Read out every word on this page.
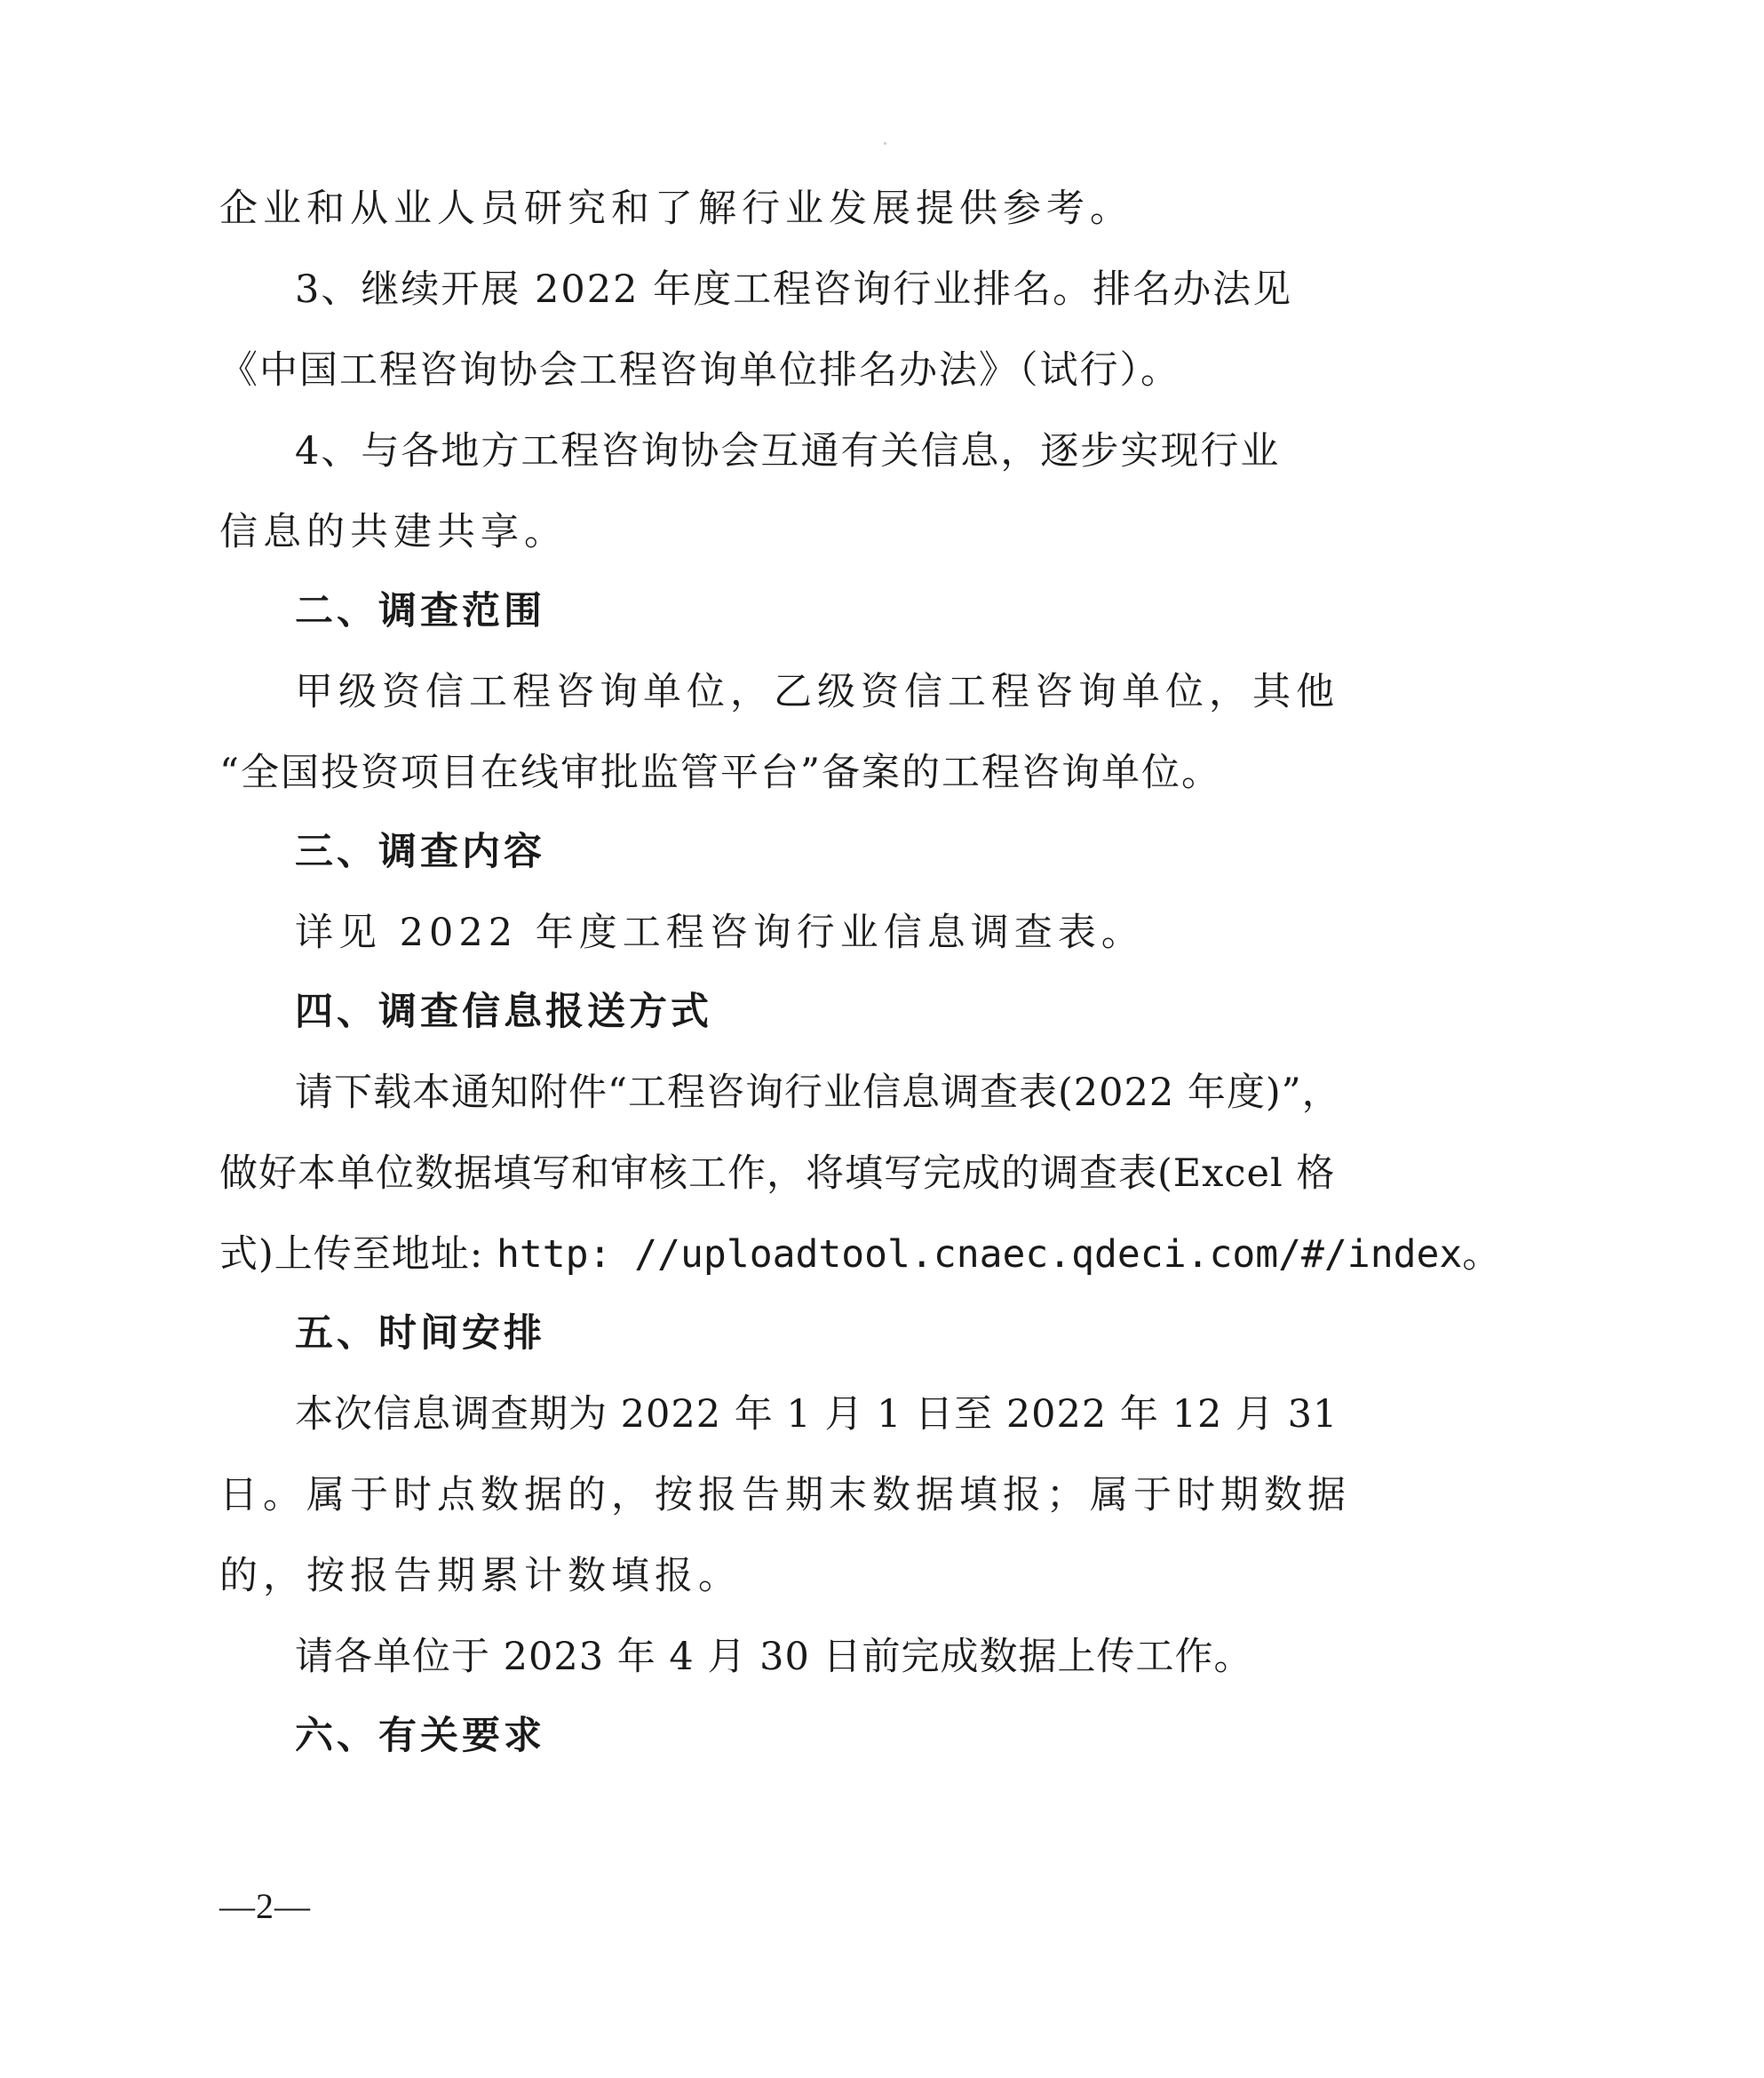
企业和从业人员研究和了解行业发展提供参考。
3、继续开展 2022 年度工程咨询行业排名。排名办法见
《中国工程咨询协会工程咨询单位排名办法》（试行）。
4、与各地方工程咨询协会互通有关信息，逐步实现行业
信息的共建共享。
二、调查范围
甲级资信工程咨询单位，乙级资信工程咨询单位，其他
“全国投资项目在线审批监管平台”备案的工程咨询单位。
三、调查内容
详见 2022 年度工程咨询行业信息调查表。
四、调查信息报送方式
请下载本通知附件“工程咨询行业信息调查表(2022 年度)”，
做好本单位数据填写和审核工作，将填写完成的调查表(Excel 格
式)上传至地址: http: //uploadtool.cnaec.qdeci.com/#/index。
五、时间安排
本次信息调查期为 2022 年 1 月 1 日至 2022 年 12 月 31
日。属于时点数据的，按报告期末数据填报；属于时期数据
的，按报告期累计数填报。
请各单位于 2023 年 4 月 30 日前完成数据上传工作。
六、有关要求
—2—
